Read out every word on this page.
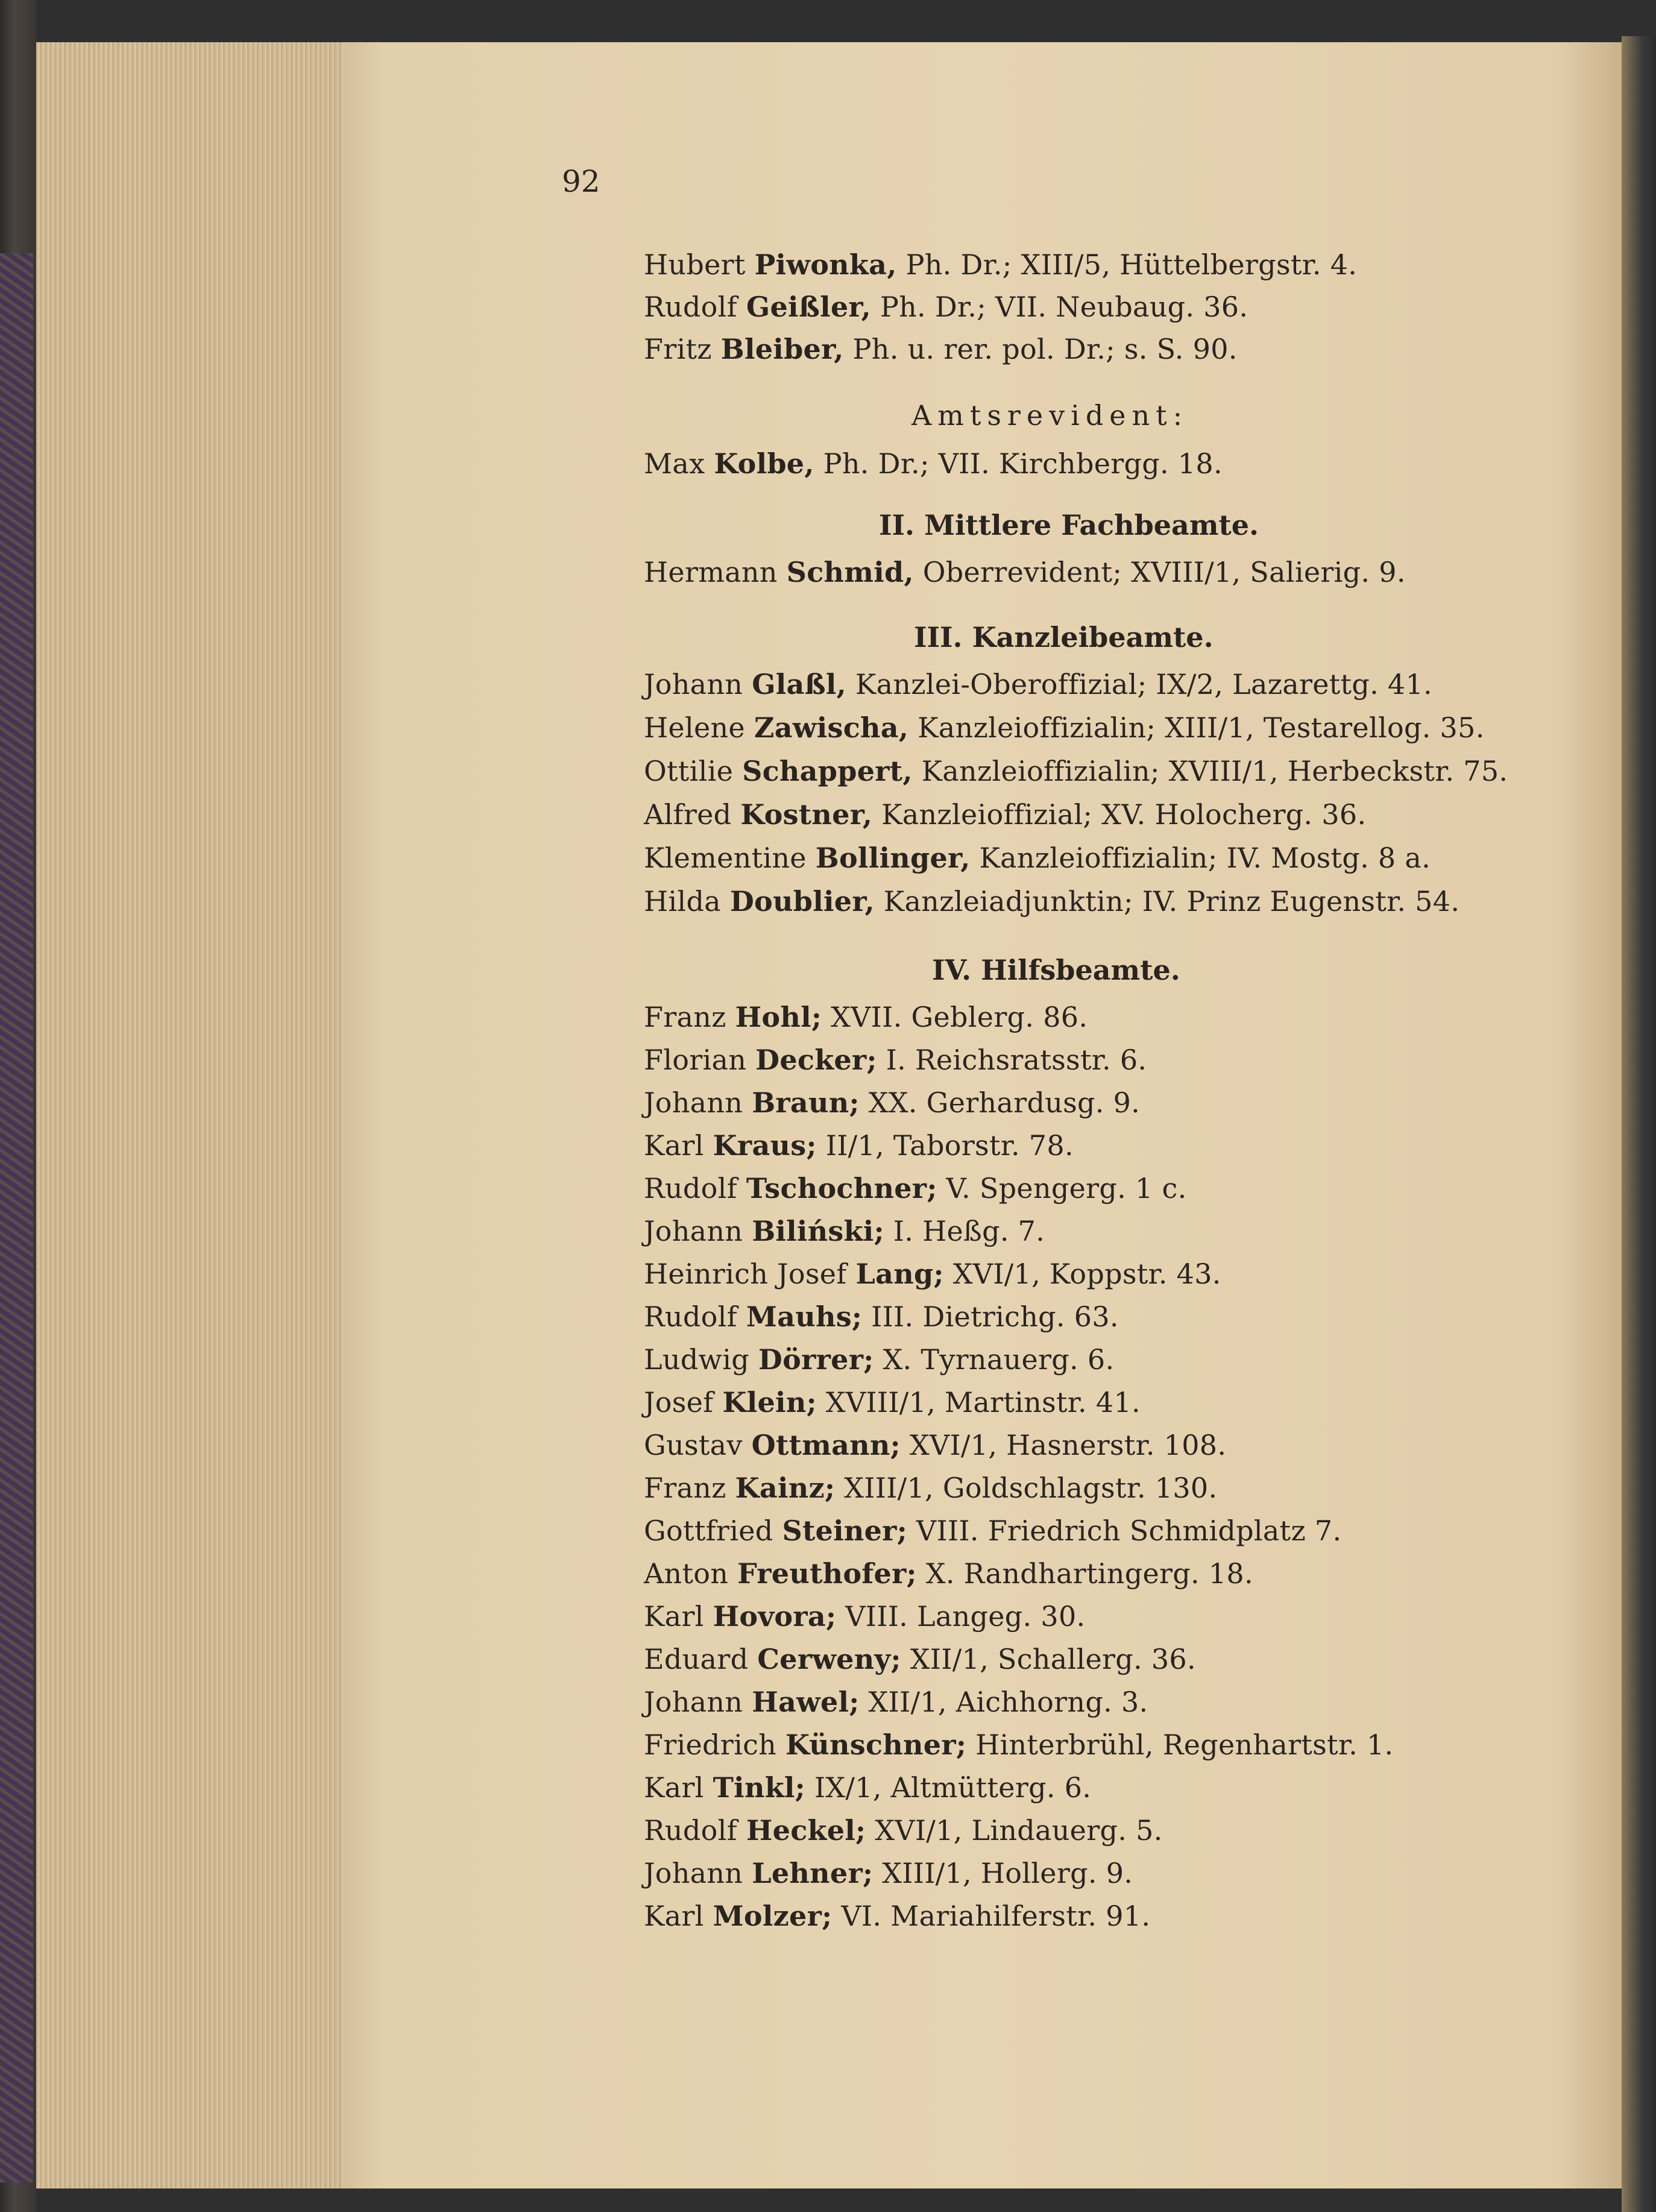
92
Hubert Piwonka, Ph. Dr.; XIII/5, Hüttelbergstr. 4.
Rudolf Geißler, Ph. Dr.; VII. Neubaug. 36.
Fritz Bleiber, Ph. u. rer. pol. Dr.; s. S. 90.
Amtsrevident:
Max Kolbe, Ph. Dr.; VII. Kirchbergg. 18.
II. Mittlere Fachbeamte.
Hermann Schmid, Oberrevident; XVIII/1, Salierig. 9.
III. Kanzleibeamte.
Johann Glaßl, Kanzlei-Oberoffizial; IX/2, Lazarettg. 41.
Helene Zawischa, Kanzleioffizialin; XIII/1, Testarellog. 35.
Ottilie Schappert, Kanzleioffizialin; XVIII/1, Herbeckstr. 75.
Alfred Kostner, Kanzleioffizial; XV. Holocherg. 36.
Klementine Bollinger, Kanzleioffizialin; IV. Mostg. 8 a.
Hilda Doublier, Kanzleiadjunktin; IV. Prinz Eugenstr. 54.
IV. Hilfsbeamte.
Franz Hohl; XVII. Geblerg. 86.
Florian Decker; I. Reichsratsstr. 6.
Johann Braun; XX. Gerhardusg. 9.
Karl Kraus; II/1, Taborstr. 78.
Rudolf Tschochner; V. Spengerg. 1 c.
Johann Biliński; I. Heßg. 7.
Heinrich Josef Lang; XVI/1, Koppstr. 43.
Rudolf Mauhs; III. Dietrichg. 63.
Ludwig Dörrer; X. Tyrnauerg. 6.
Josef Klein; XVIII/1, Martinstr. 41.
Gustav Ottmann; XVI/1, Hasnerstr. 108.
Franz Kainz; XIII/1, Goldschlagstr. 130.
Gottfried Steiner; VIII. Friedrich Schmidplatz 7.
Anton Freuthofer; X. Randhartingerg. 18.
Karl Hovora; VIII. Langeg. 30.
Eduard Cerweny; XII/1, Schallerg. 36.
Johann Hawel; XII/1, Aichhorng. 3.
Friedrich Künschner; Hinterbrühl, Regenhartstr. 1.
Karl Tinkl; IX/1, Altmütterg. 6.
Rudolf Heckel; XVI/1, Lindauerg. 5.
Johann Lehner; XIII/1, Hollerg. 9.
Karl Molzer; VI. Mariahilferstr. 91.
